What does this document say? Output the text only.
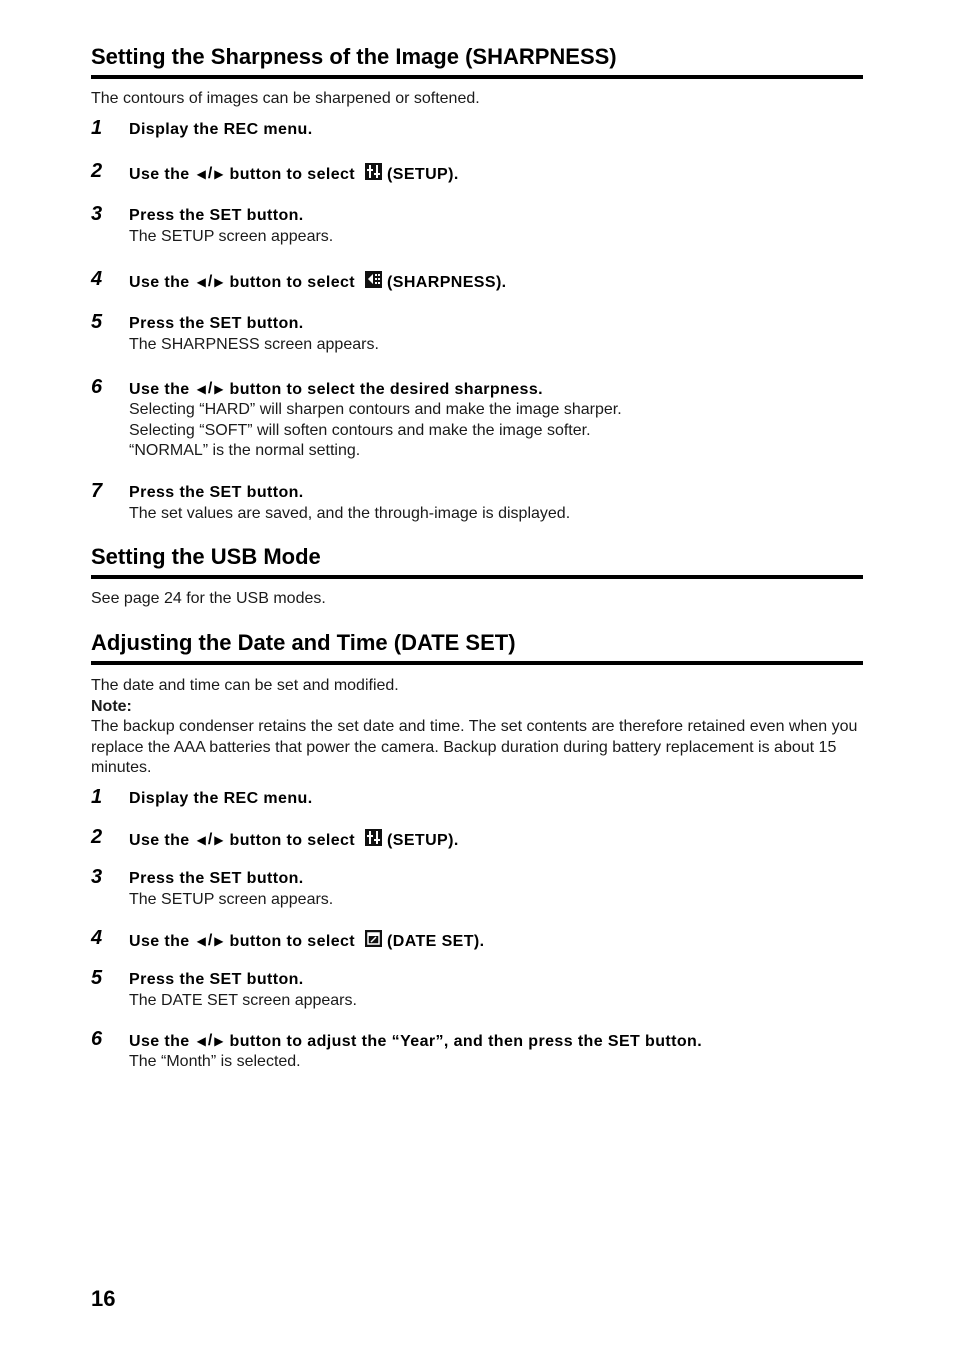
Setting the Sharpness of the Image (SHARPNESS)
The contours of images can be sharpened or softened.
1 Display the REC menu.
2 Use the ◀ / ▶ button to select (SETUP).
3 Press the SET button.
The SETUP screen appears.
4 Use the ◀ / ▶ button to select (SHARPNESS).
5 Press the SET button.
The SHARPNESS screen appears.
6 Use the ◀ / ▶ button to select the desired sharpness.
Selecting “HARD” will sharpen contours and make the image sharper.
Selecting “SOFT” will soften contours and make the image softer.
“NORMAL” is the normal setting.
7 Press the SET button.
The set values are saved, and the through-image is displayed.
Setting the USB Mode
See page 24 for the USB modes.
Adjusting the Date and Time (DATE SET)
The date and time can be set and modified.
Note:
The backup condenser retains the set date and time. The set contents are therefore retained even when you replace the AAA batteries that power the camera. Backup duration during battery replacement is about 15 minutes.
1 Display the REC menu.
2 Use the ◀ / ▶ button to select (SETUP).
3 Press the SET button.
The SETUP screen appears.
4 Use the ◀ / ▶ button to select (DATE SET).
5 Press the SET button.
The DATE SET screen appears.
6 Use the ◀ / ▶ button to adjust the “Year”, and then press the SET button.
The “Month” is selected.
16
